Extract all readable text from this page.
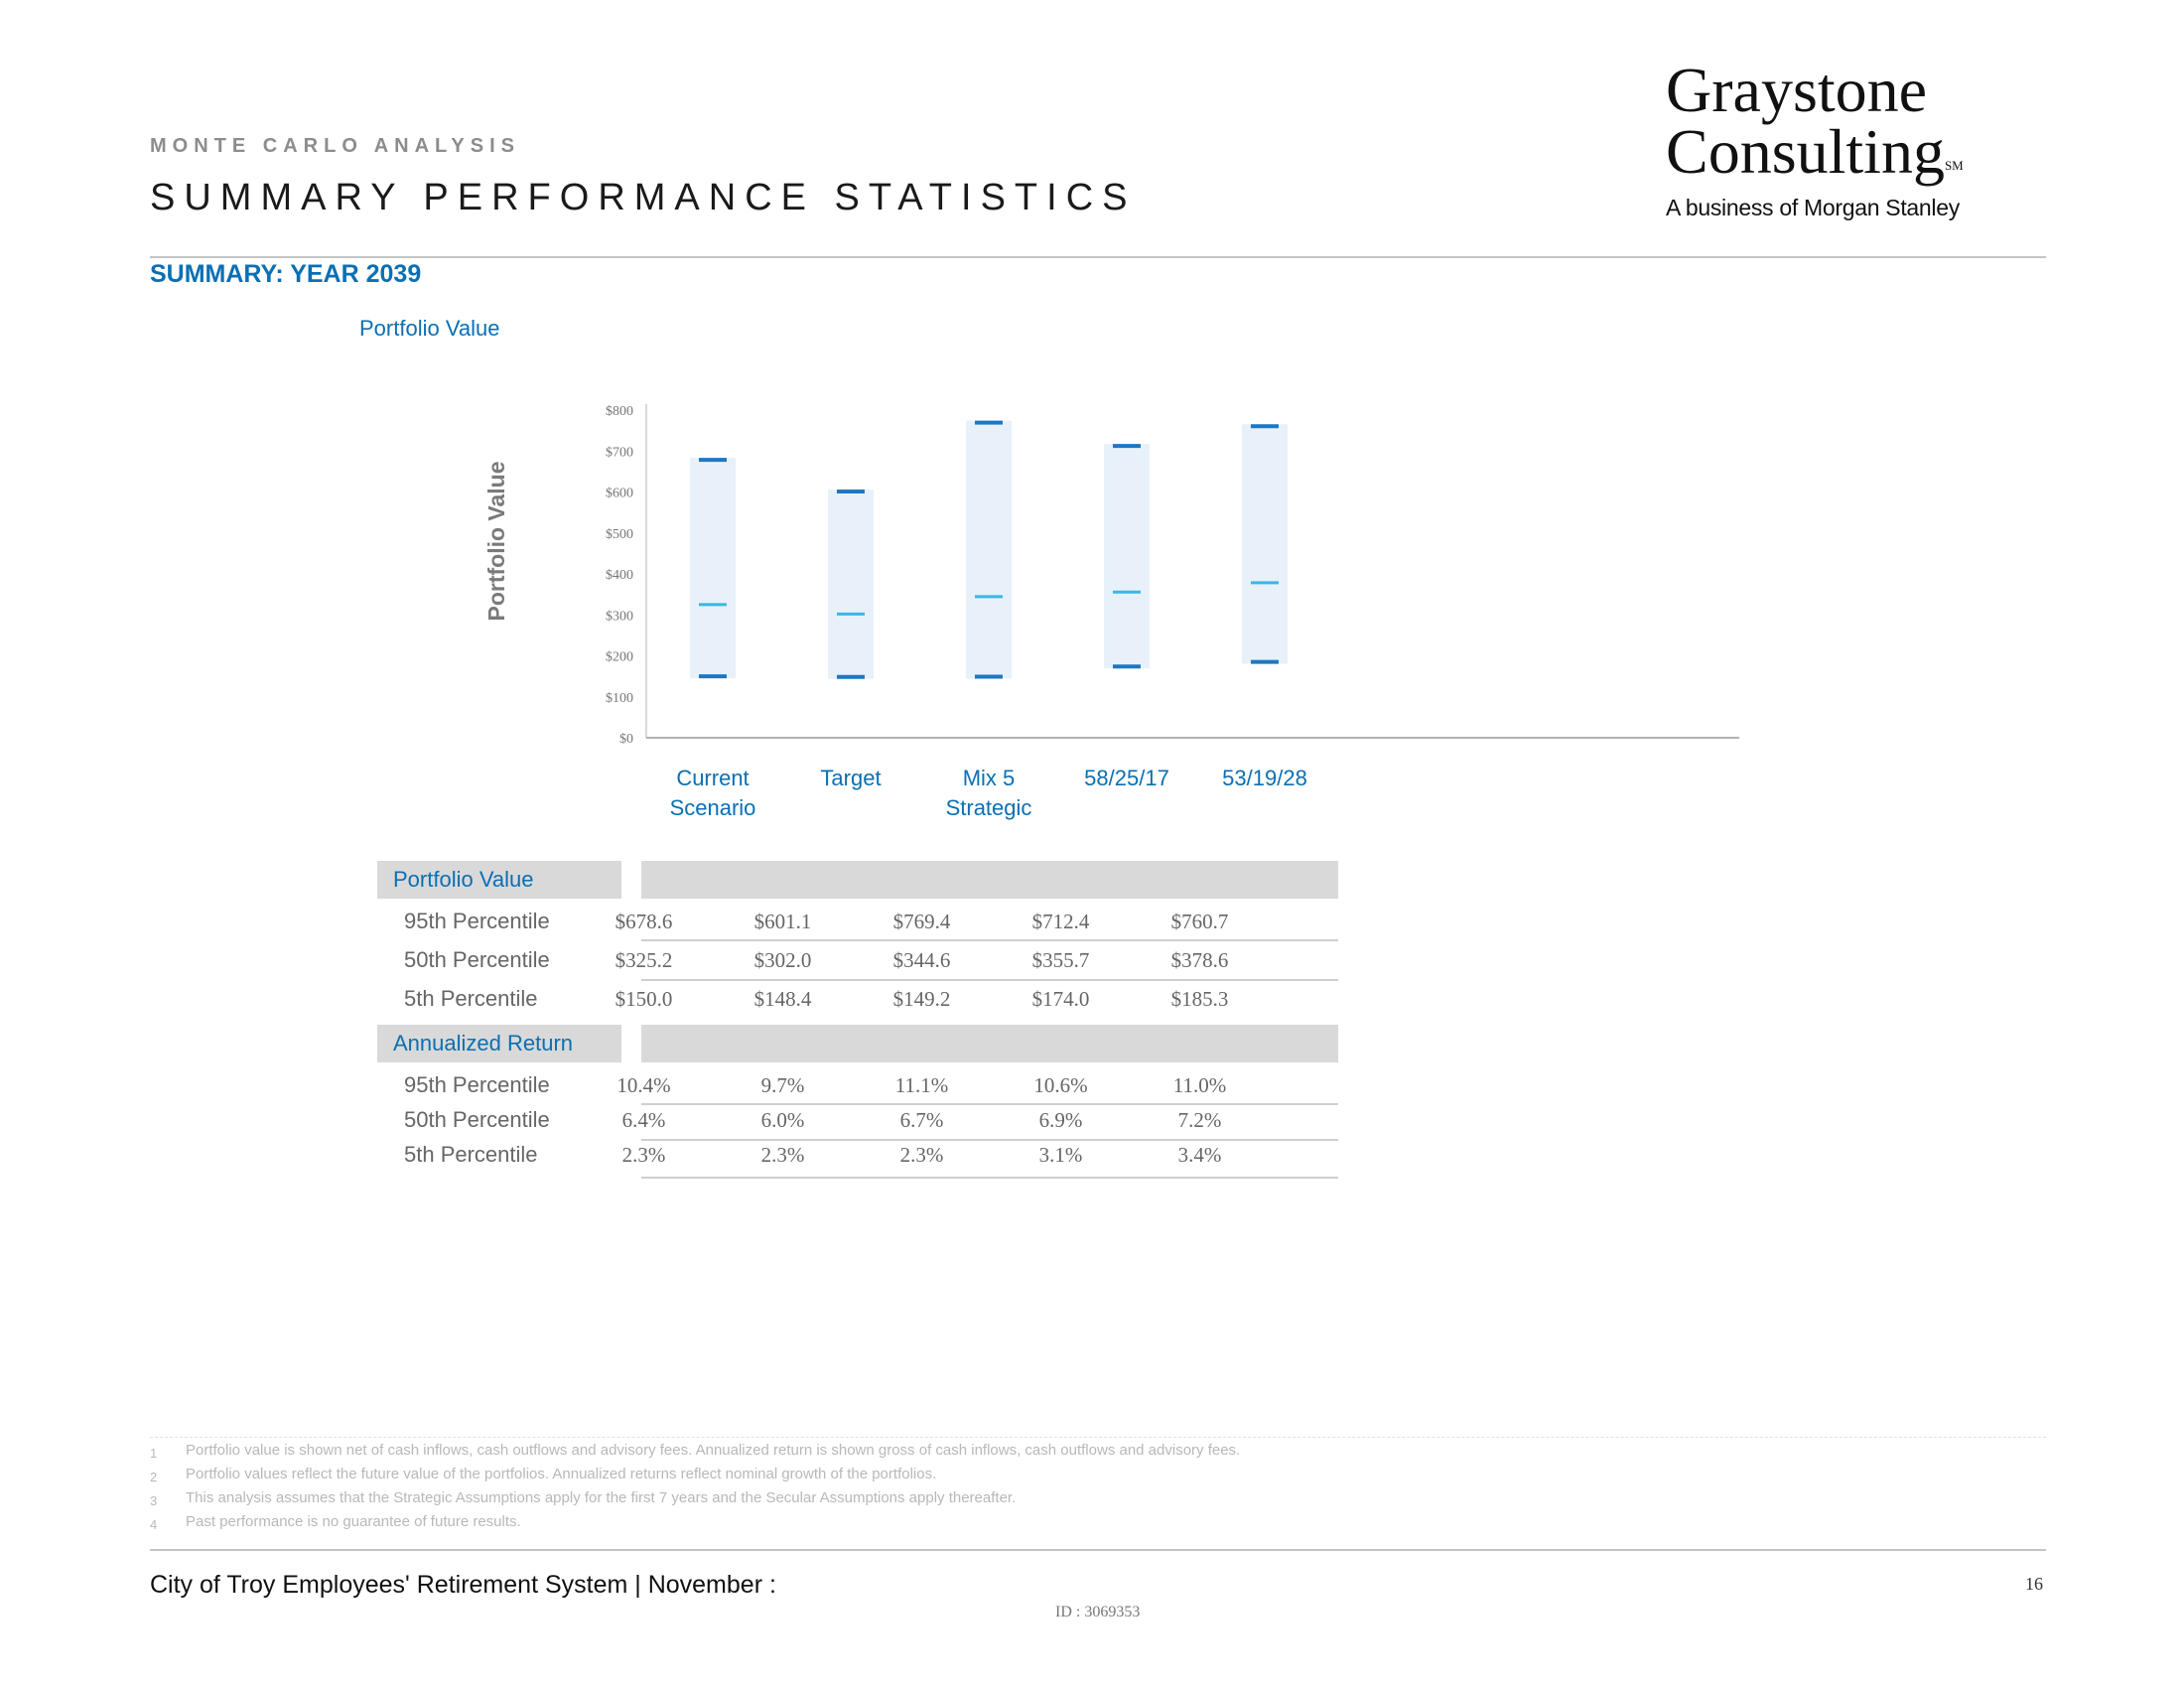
MONTE CARLO ANALYSIS
SUMMARY PERFORMANCE STATISTICS
Graystone
Consulting℠
A business of Morgan Stanley
SUMMARY: YEAR 2039
Portfolio Value
$0
$100
$200
$300
$400
$500
$600
$700
$800
Portfolio Value
Current
Scenario
Target	Mix 5
Strategic
58/25/17 53/19/28
Portfolio Value
95th Percentile	$678.6	$601.1	$769.4	$712.4	$760.7
50th Percentile	$325.2	$302.0	$344.6	$355.7	$378.6
5th Percentile	$150.0	$148.4	$149.2	$174.0	$185.3
Annualized Return
95th Percentile	10.4%	9.7%	11.1%	10.6%	11.0%
50th Percentile	6.4%	6.0%	6.7%	6.9%	7.2%
5th Percentile	2.3%	2.3%	2.3%	3.1%	3.4%
1 Portfolio value is shown net of cash inflows, cash outflows and advisory fees. Annualized return is shown gross of cash inflows, cash outflows and advisory fees.
2 Portfolio values reflect the future value of the portfolios. Annualized returns reflect nominal growth of the portfolios.
3 This analysis assumes that the Strategic Assumptions apply for the first 7 years and the Secular Assumptions apply thereafter.
4 Past performance is no guarantee of future results.
City of Troy Employees' Retirement System | November :	16
ID : 3069353
